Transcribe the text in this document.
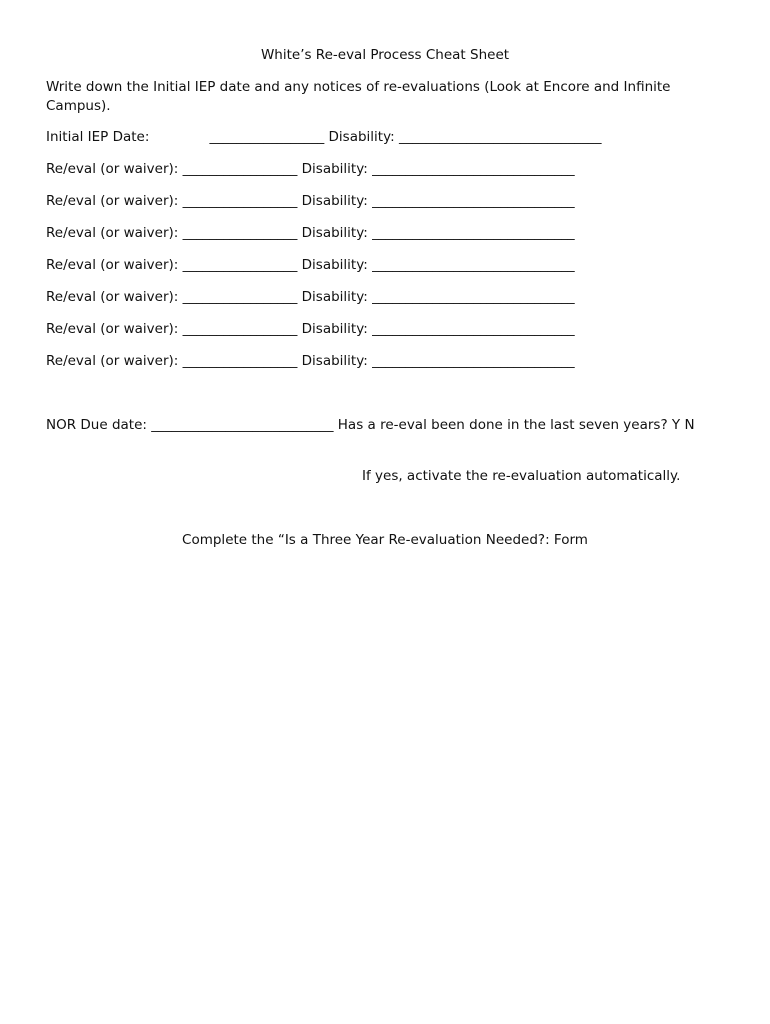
White’s Re-eval Process Cheat Sheet
Write down the Initial IEP date and any notices of re-evaluations (Look at Encore and Infinite Campus).
Initial IEP Date:              _________________ Disability: ______________________________
Re/eval (or waiver): _________________ Disability: ______________________________
Re/eval (or waiver): _________________ Disability: ______________________________
Re/eval (or waiver): _________________ Disability: ______________________________
Re/eval (or waiver): _________________ Disability: ______________________________
Re/eval (or waiver): _________________ Disability: ______________________________
Re/eval (or waiver): _________________ Disability: ______________________________
Re/eval (or waiver): _________________ Disability: ______________________________
NOR Due date: ___________________________ Has a re-eval been done in the last seven years? Y N
If yes, activate the re-evaluation automatically.
Complete the “Is a Three Year Re-evaluation Needed?: Form
